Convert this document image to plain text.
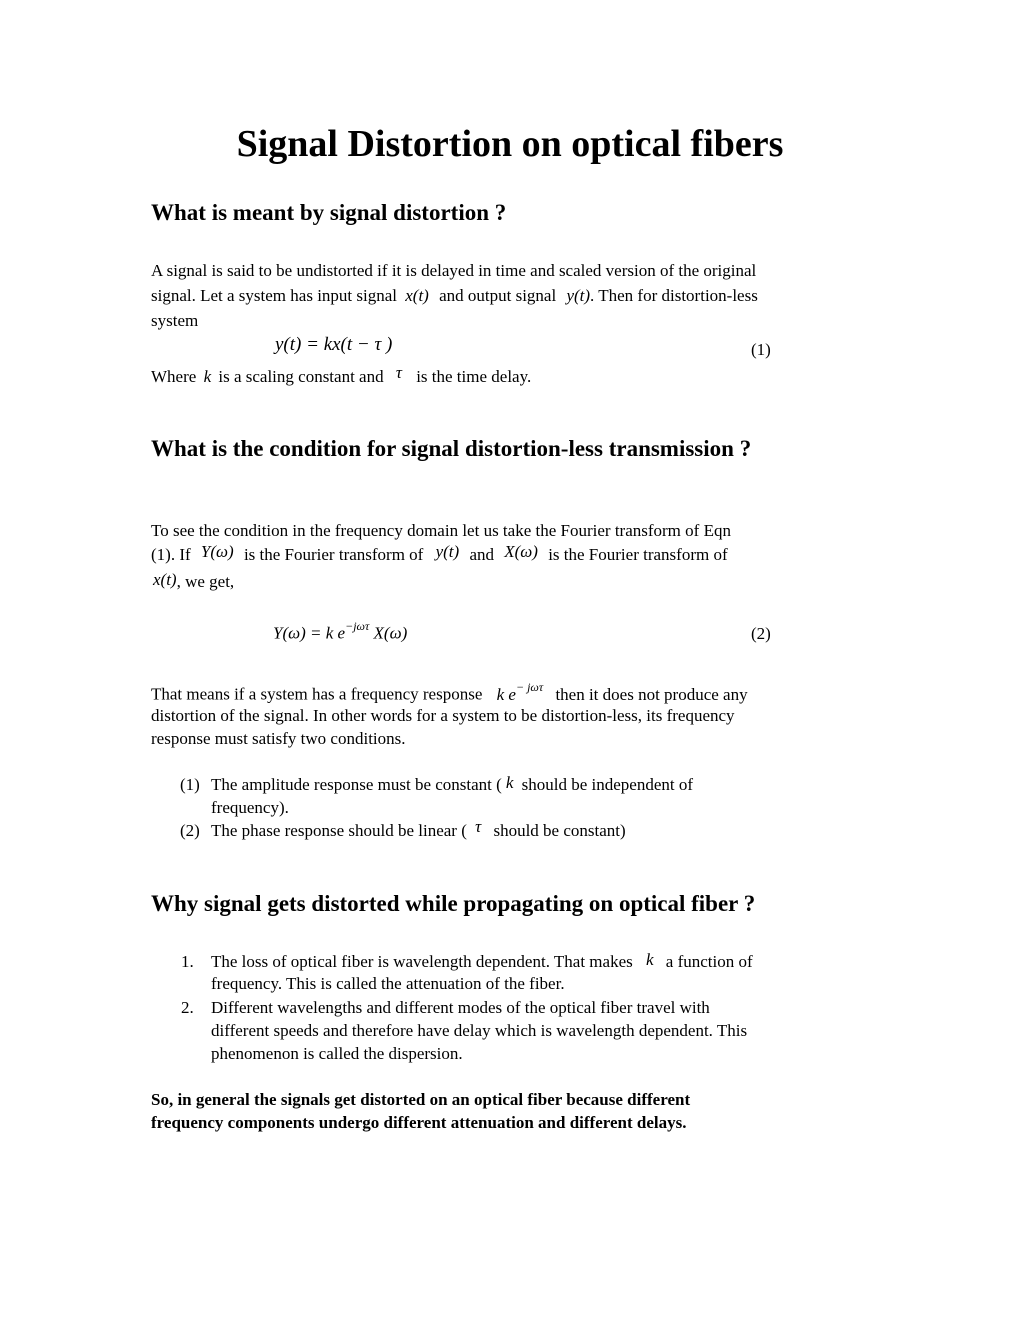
Signal Distortion on optical fibers
What is meant by signal distortion ?
A signal is said to be undistorted if it is delayed in time and scaled version of the original
signal. Let a system has input signal x(t) and output signal y(t). Then for distortion-less
system
y(t) = kx(t − τ )	(1)
Where k is a scaling constant and τ is the time delay.
What is the condition for signal distortion-less transmission ?
To see the condition in the frequency domain let us take the Fourier transform of Eqn
(1). If Y(ω) is the Fourier transform of y(t) and X(ω) is the Fourier transform of
x(t), we get,
Y(ω) = k $e^{-j\omega\tau}$ X(ω)	(2)
That means if a system has a frequency response k $e^{- j\omega\tau}$ then it does not produce any
distortion of the signal. In other words for a system to be distortion-less, its frequency
response must satisfy two conditions.
(1) The amplitude response must be constant ( k should be independent of
frequency).
(2) The phase response should be linear ( τ should be constant)
Why signal gets distorted while propagating on optical fiber ?
1. The loss of optical fiber is wavelength dependent. That makes k a function of
frequency. This is called the attenuation of the fiber.
2. Different wavelengths and different modes of the optical fiber travel with
different speeds and therefore have delay which is wavelength dependent. This
phenomenon is called the dispersion.
So, in general the signals get distorted on an optical fiber because different
frequency components undergo different attenuation and different delays.
